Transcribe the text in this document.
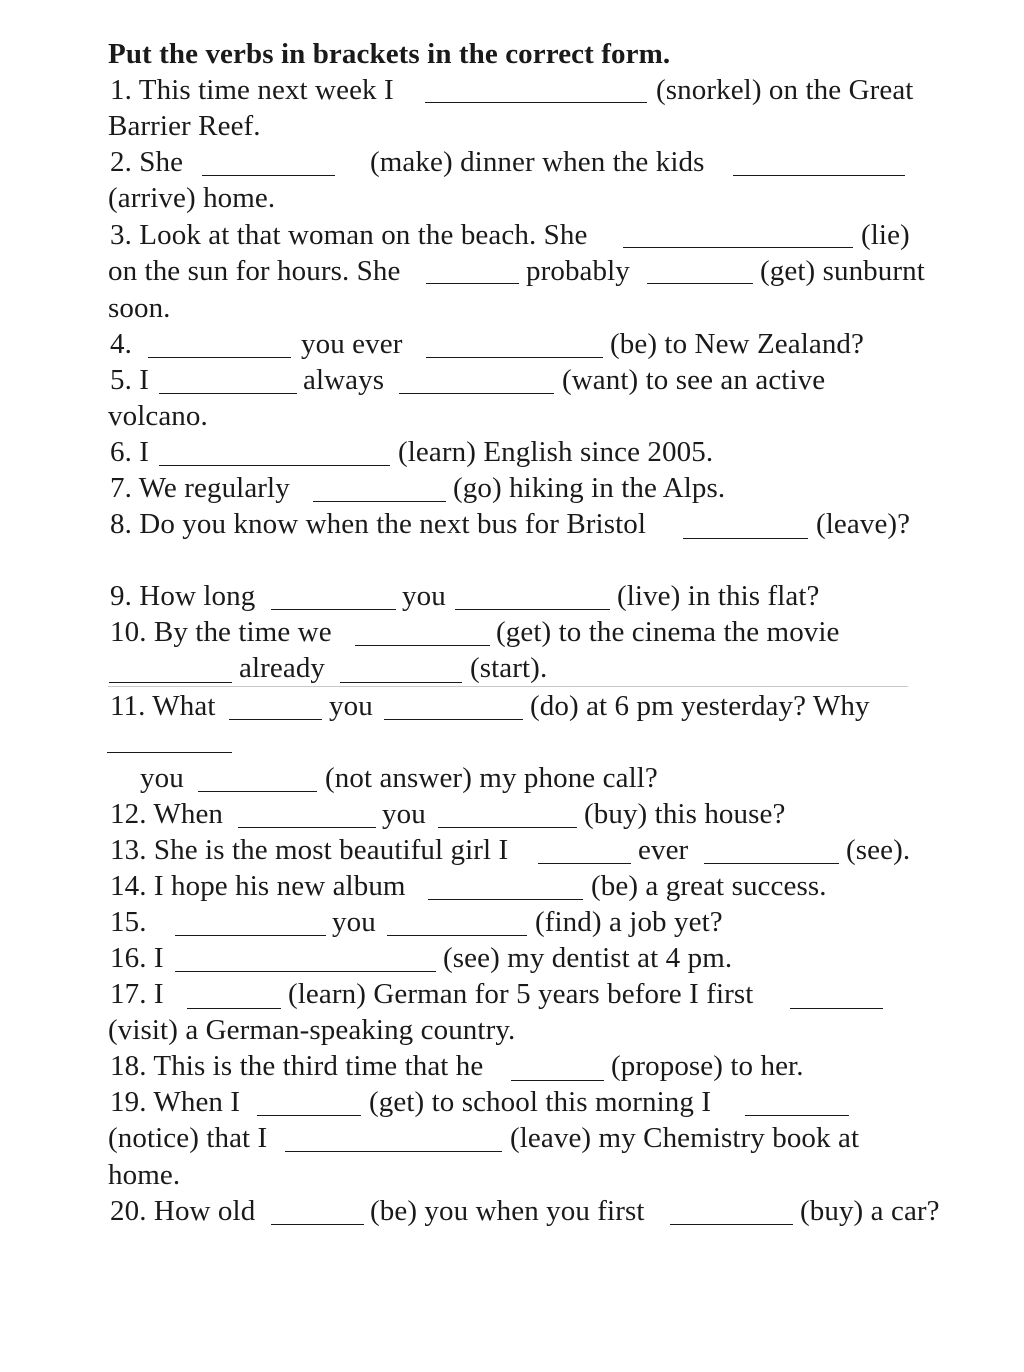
Put the verbs in brackets in the correct form.
1. This time next week I	(snorkel) on the Great
Barrier Reef.
2. She	(make) dinner when the kids
(arrive) home.
3. Look at that woman on the beach. She	(lie)
on the sun for hours. She	probably	(get) sunburnt
soon.
4.	you ever	(be) to New Zealand?
5. I	always	(want) to see an active
volcano.
6. I	(learn) English since 2005.
7. We regularly	(go) hiking in the Alps.
8. Do you know when the next bus for Bristol	(leave)?
9. How long	you	(live) in this flat?
10. By the time we	(get) to the cinema the movie
already	(start).
11. What	you	(do) at 6 pm yesterday? Why
you	(not answer) my phone call?
12. When	you	(buy) this house?
13. She is the most beautiful girl I	ever	(see).
14. I hope his new album	(be) a great success.
15.	you	(find) a job yet?
16. I	(see) my dentist at 4 pm.
17. I	(learn) German for 5 years before I first
(visit) a German-speaking country.
18. This is the third time that he	(propose) to her.
19. When I	(get) to school this morning I
(notice) that I	(leave) my Chemistry book at
home.
20. How old	(be) you when you first	(buy) a car?
